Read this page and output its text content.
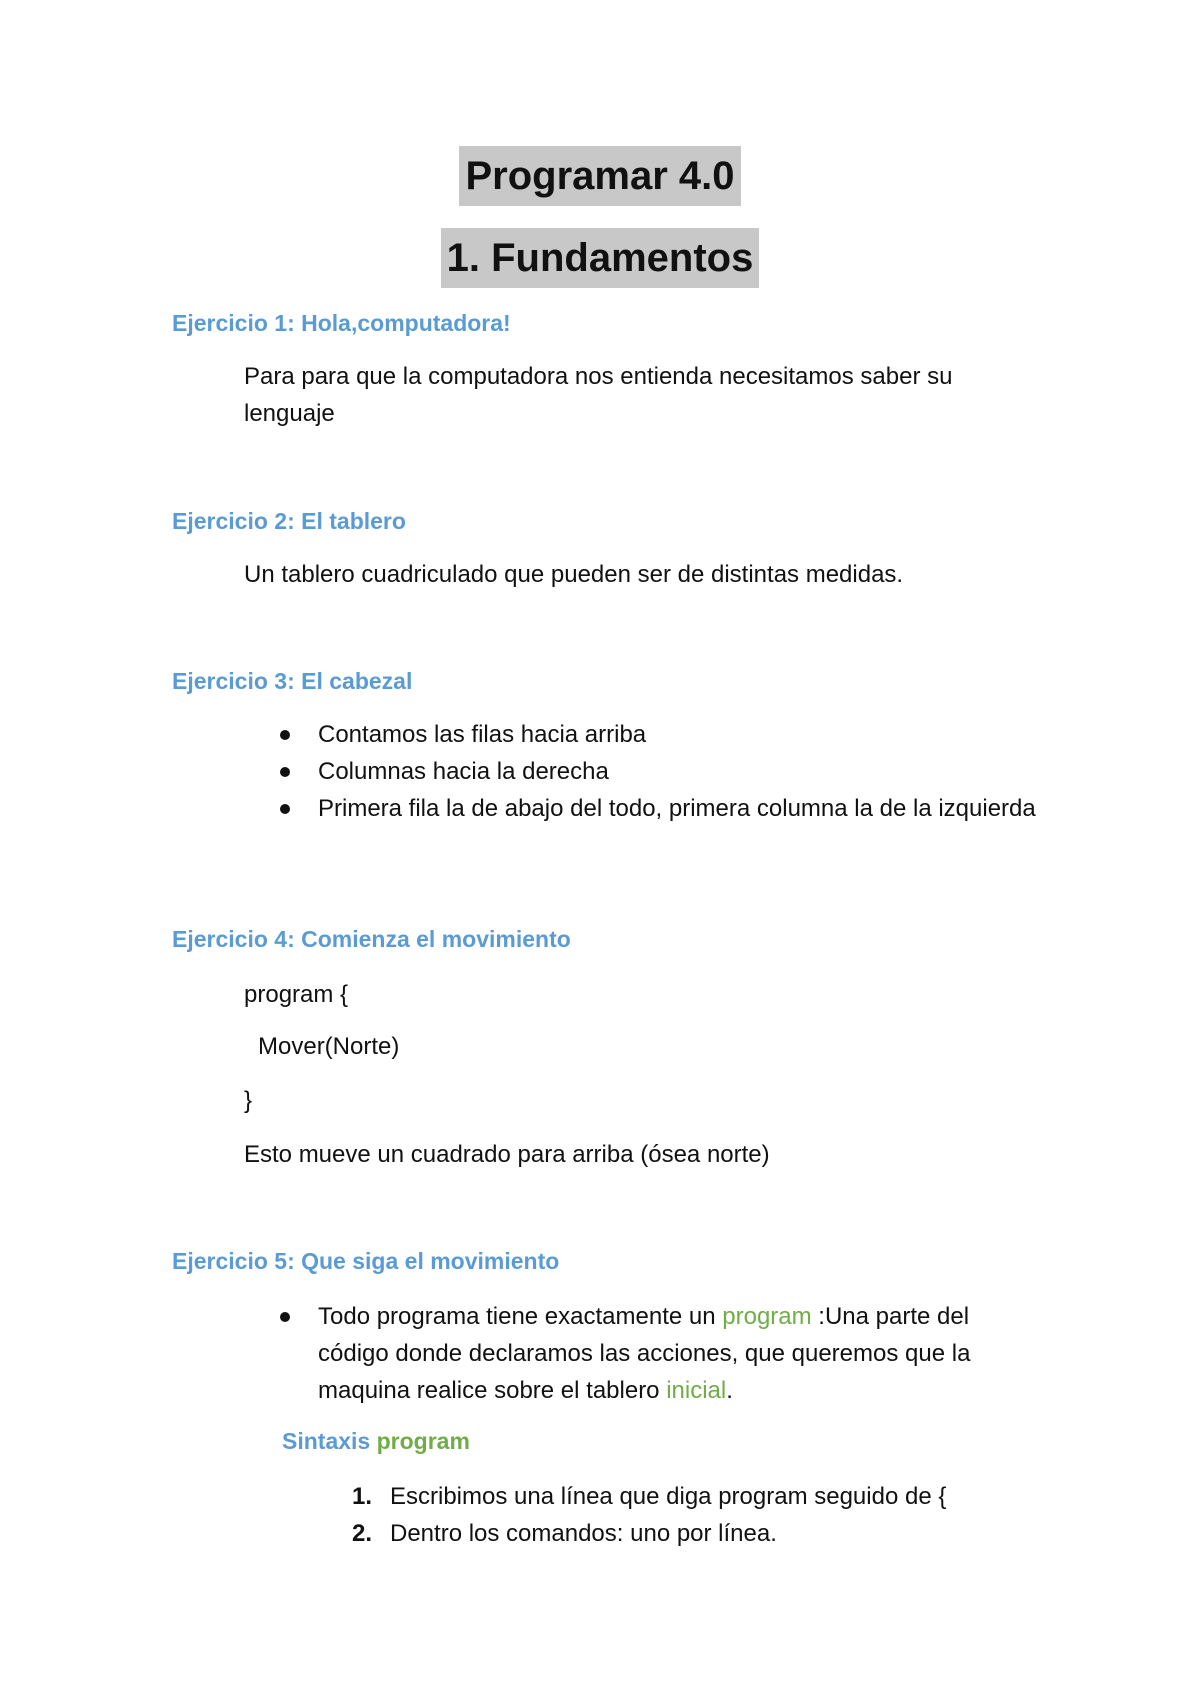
Programar 4.0
1. Fundamentos
Ejercicio 1: Hola,computadora!
Para para que la computadora nos entienda necesitamos saber su lenguaje
Ejercicio 2: El tablero
Un tablero cuadriculado que pueden ser de distintas medidas.
Ejercicio 3: El cabezal
Contamos las filas hacia arriba
Columnas hacia la derecha
Primera fila la de abajo del todo, primera columna la de la izquierda
Ejercicio 4: Comienza el movimiento
program {
Mover(Norte)
}
Esto mueve un cuadrado para arriba (ósea norte)
Ejercicio 5: Que siga el movimiento
Todo programa tiene exactamente un program :Una parte del código donde declaramos las acciones, que queremos que la maquina realice sobre el tablero inicial.
Sintaxis program
1. Escribimos una línea que diga program seguido de {
2. Dentro los comandos: uno por línea.
